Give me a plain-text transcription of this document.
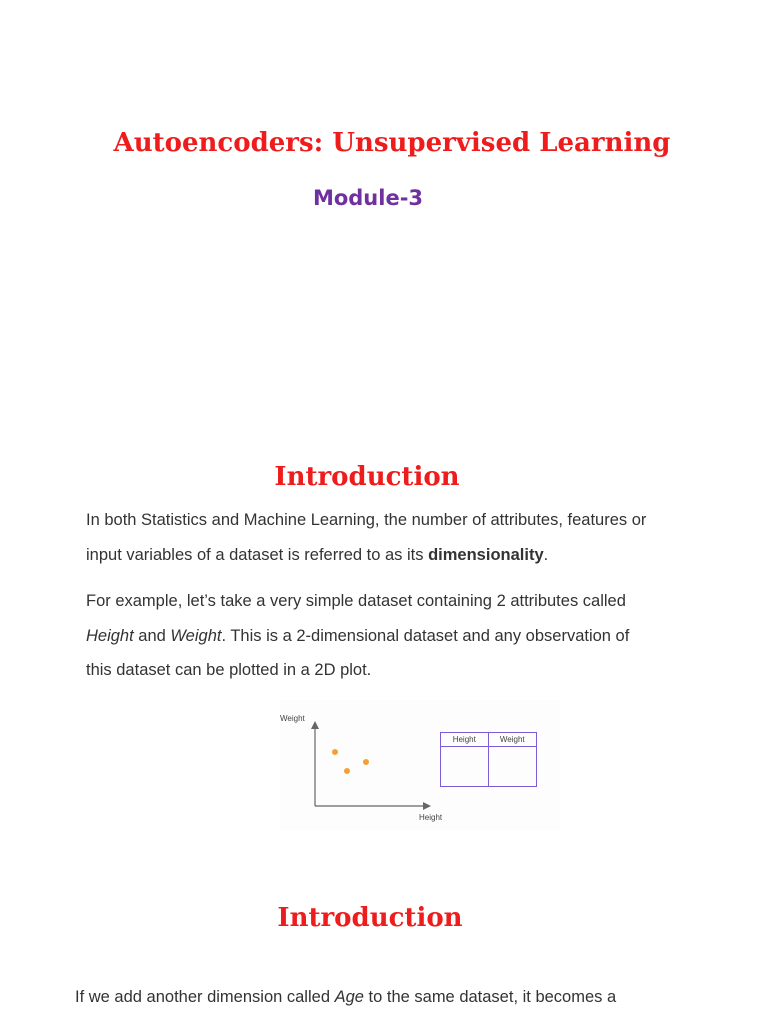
Autoencoders: Unsupervised Learning
Module-3
Introduction
In both Statistics and Machine Learning, the number of attributes, features or
input variables of a dataset is referred to as its dimensionality.
For example, let’s take a very simple dataset containing 2 attributes called
Height and Weight. This is a 2-dimensional dataset and any observation of
this dataset can be plotted in a 2D plot.
Weight
Height
Height	Weight
Introduction
If we add another dimension called Age to the same dataset, it becomes a
